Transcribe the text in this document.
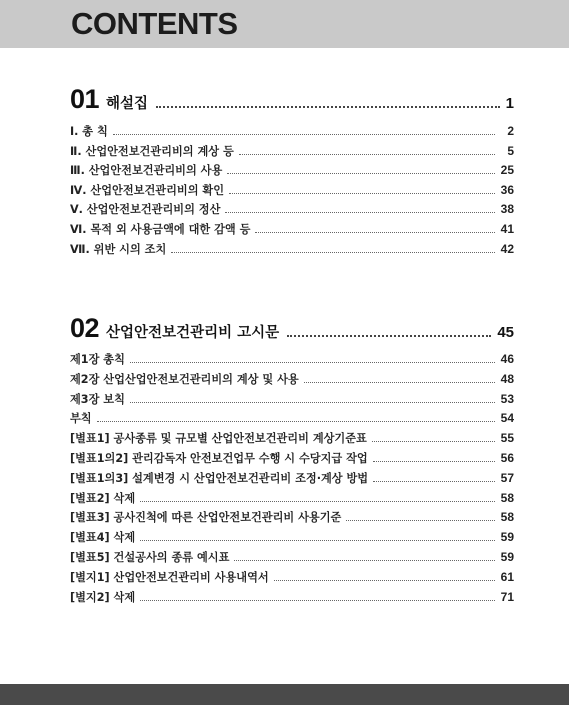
CONTENTS
01 해설집	1
Ⅰ. 총 칙	2
Ⅱ. 산업안전보건관리비의 계상 등	5
Ⅲ. 산업안전보건관리비의 사용	25
Ⅳ. 산업안전보건관리비의 확인	36
Ⅴ. 산업안전보건관리비의 정산	38
Ⅵ. 목적 외 사용금액에 대한 감액 등	41
Ⅶ. 위반 시의 조치	42
02 산업안전보건관리비 고시문	45
제1장 총칙	46
제2장 산업산업안전보건관리비의 계상 및 사용	48
제3장 보칙	53
부칙	54
[별표1] 공사종류 및 규모별 산업안전보건관리비 계상기준표	55
[별표1의2] 관리감독자 안전보건업무 수행 시 수당지급 작업	56
[별표1의3] 설계변경 시 산업안전보건관리비 조정·계상 방법	57
[별표2] 삭제	58
[별표3] 공사진척에 따른 산업안전보건관리비 사용기준	58
[별표4] 삭제	59
[별표5] 건설공사의 종류 예시표	59
[별지1] 산업안전보건관리비 사용내역서	61
[별지2] 삭제	71
